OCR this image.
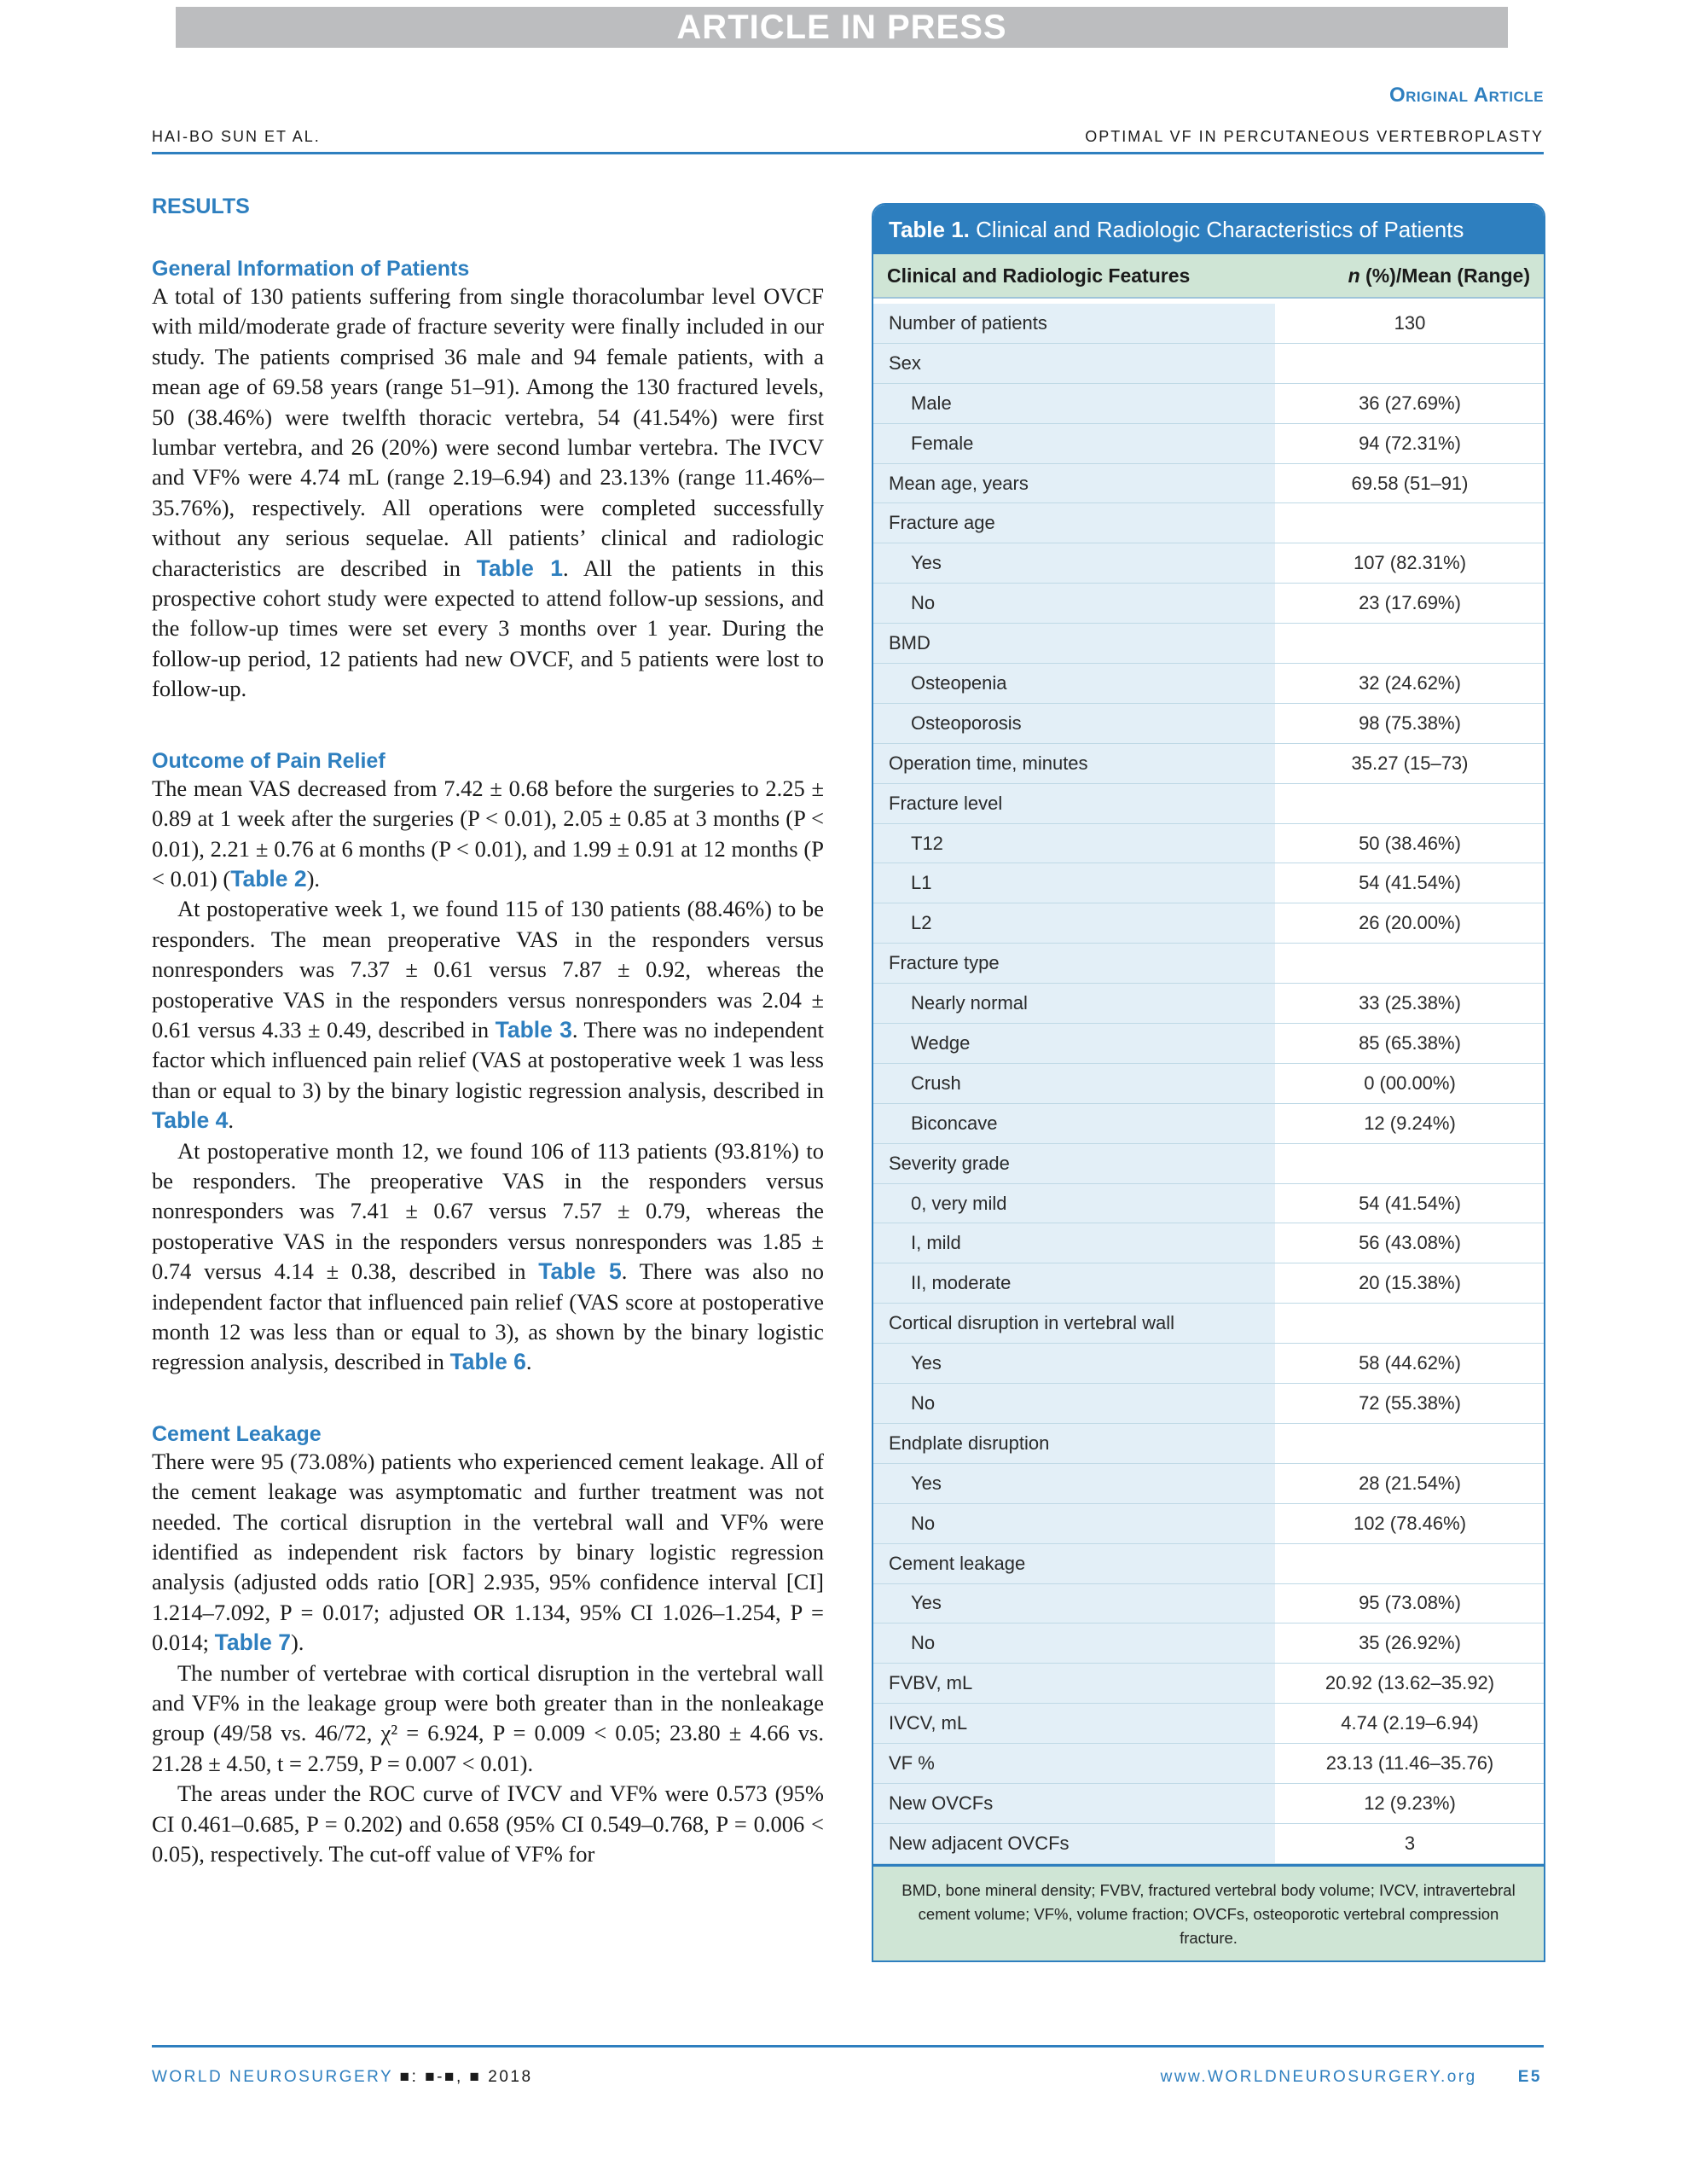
ARTICLE IN PRESS
Original Article
HAI-BO SUN ET AL.	OPTIMAL VF IN PERCUTANEOUS VERTEBROPLASTY
RESULTS
General Information of Patients

A total of 130 patients suffering from single thoracolumbar level OVCF with mild/moderate grade of fracture severity were finally included in our study. The patients comprised 36 male and 94 female patients, with a mean age of 69.58 years (range 51–91). Among the 130 fractured levels, 50 (38.46%) were twelfth thoracic vertebra, 54 (41.54%) were first lumbar vertebra, and 26 (20%) were second lumbar vertebra. The IVCV and VF% were 4.74 mL (range 2.19–6.94) and 23.13% (range 11.46%–35.76%), respectively. All operations were completed successfully without any serious sequelae. All patients’ clinical and radiologic characteristics are described in Table 1. All the patients in this prospective cohort study were expected to attend follow-up sessions, and the follow-up times were set every 3 months over 1 year. During the follow-up period, 12 patients had new OVCF, and 5 patients were lost to follow-up.

Outcome of Pain Relief

The mean VAS decreased from 7.42 ± 0.68 before the surgeries to 2.25 ± 0.89 at 1 week after the surgeries (P < 0.01), 2.05 ± 0.85 at 3 months (P < 0.01), 2.21 ± 0.76 at 6 months (P < 0.01), and 1.99 ± 0.91 at 12 months (P < 0.01) (Table 2).

At postoperative week 1, we found 115 of 130 patients (88.46%) to be responders. The mean preoperative VAS in the responders versus nonresponders was 7.37 ± 0.61 versus 7.87 ± 0.92, whereas the postoperative VAS in the responders versus nonresponders was 2.04 ± 0.61 versus 4.33 ± 0.49, described in Table 3. There was no independent factor which influenced pain relief (VAS at postoperative week 1 was less than or equal to 3) by the binary logistic regression analysis, described in Table 4.

At postoperative month 12, we found 106 of 113 patients (93.81%) to be responders. The preoperative VAS in the responders versus nonresponders was 7.41 ± 0.67 versus 7.57 ± 0.79, whereas the postoperative VAS in the responders versus nonresponders was 1.85 ± 0.74 versus 4.14 ± 0.38, described in Table 5. There was also no independent factor that influenced pain relief (VAS score at postoperative month 12 was less than or equal to 3), as shown by the binary logistic regression analysis, described in Table 6.

Cement Leakage

There were 95 (73.08%) patients who experienced cement leakage. All of the cement leakage was asymptomatic and further treatment was not needed. The cortical disruption in the vertebral wall and VF% were identified as independent risk factors by binary logistic regression analysis (adjusted odds ratio [OR] 2.935, 95% confidence interval [CI] 1.214–7.092, P = 0.017; adjusted OR 1.134, 95% CI 1.026–1.254, P = 0.014; Table 7).

The number of vertebrae with cortical disruption in the vertebral wall and VF% in the leakage group were both greater than in the nonleakage group (49/58 vs. 46/72, χ² = 6.924, P = 0.009 < 0.05; 23.80 ± 4.66 vs. 21.28 ± 4.50, t = 2.759, P = 0.007 < 0.01).

The areas under the ROC curve of IVCV and VF% were 0.573 (95% CI 0.461–0.685, P = 0.202) and 0.658 (95% CI 0.549–0.768, P = 0.006 < 0.05), respectively. The cut-off value of VF% for

Table 1. Clinical and Radiologic Characteristics of Patients
Clinical and Radiologic Features	n (%)/Mean (Range)
Number of patients	130
Sex
Male	36 (27.69%)
Female	94 (72.31%)
Mean age, years	69.58 (51–91)
Fracture age
Yes	107 (82.31%)
No	23 (17.69%)
BMD
Osteopenia	32 (24.62%)
Osteoporosis	98 (75.38%)
Operation time, minutes	35.27 (15–73)
Fracture level
T12	50 (38.46%)
L1	54 (41.54%)
L2	26 (20.00%)
Fracture type
Nearly normal	33 (25.38%)
Wedge	85 (65.38%)
Crush	0 (00.00%)
Biconcave	12 (9.24%)
Severity grade
0, very mild	54 (41.54%)
I, mild	56 (43.08%)
II, moderate	20 (15.38%)
Cortical disruption in vertebral wall
Yes	58 (44.62%)
No	72 (55.38%)
Endplate disruption
Yes	28 (21.54%)
No	102 (78.46%)
Cement leakage
Yes	95 (73.08%)
No	35 (26.92%)
FVBV, mL	20.92 (13.62–35.92)
IVCV, mL	4.74 (2.19–6.94)
VF %	23.13 (11.46–35.76)
New OVCFs	12 (9.23%)
New adjacent OVCFs	3
BMD, bone mineral density; FVBV, fractured vertebral body volume; IVCV, intravertebral cement volume; VF%, volume fraction; OVCFs, osteoporotic vertebral compression fracture.
WORLD NEUROSURGERY ■: ■-■, ■ 2018	www.WORLDNEUROSURGERY.org	E5
